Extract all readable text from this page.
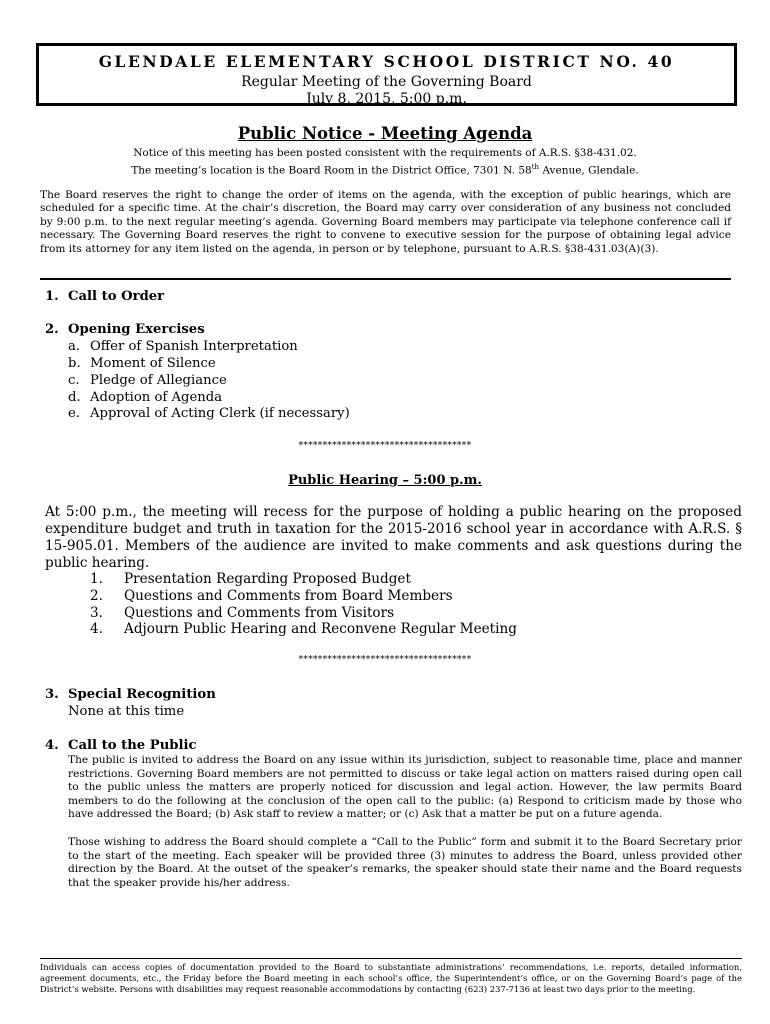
GLENDALE ELEMENTARY SCHOOL DISTRICT NO. 40
Regular Meeting of the Governing Board
July 8, 2015, 5:00 p.m.
Public Notice - Meeting Agenda
Notice of this meeting has been posted consistent with the requirements of A.R.S. §38-431.02.
The meeting’s location is the Board Room in the District Office, 7301 N. 58th Avenue, Glendale.
The Board reserves the right to change the order of items on the agenda, with the exception of public hearings, which are scheduled for a specific time. At the chair’s discretion, the Board may carry over consideration of any business not concluded by 9:00 p.m. to the next regular meeting’s agenda. Governing Board members may participate via telephone conference call if necessary. The Governing Board reserves the right to convene to executive session for the purpose of obtaining legal advice from its attorney for any item listed on the agenda, in person or by telephone, pursuant to A.R.S. §38-431.03(A)(3).
1. Call to Order
2. Opening Exercises
a. Offer of Spanish Interpretation
b. Moment of Silence
c. Pledge of Allegiance
d. Adoption of Agenda
e. Approval of Acting Clerk (if necessary)
************************************
Public Hearing – 5:00 p.m.
At 5:00 p.m., the meeting will recess for the purpose of holding a public hearing on the proposed expenditure budget and truth in taxation for the 2015-2016 school year in accordance with A.R.S. § 15-905.01. Members of the audience are invited to make comments and ask questions during the public hearing.
1. Presentation Regarding Proposed Budget
2. Questions and Comments from Board Members
3. Questions and Comments from Visitors
4. Adjourn Public Hearing and Reconvene Regular Meeting
************************************
3. Special Recognition
None at this time
4. Call to the Public
The public is invited to address the Board on any issue within its jurisdiction, subject to reasonable time, place and manner restrictions. Governing Board members are not permitted to discuss or take legal action on matters raised during open call to the public unless the matters are properly noticed for discussion and legal action. However, the law permits Board members to do the following at the conclusion of the open call to the public: (a) Respond to criticism made by those who have addressed the Board; (b) Ask staff to review a matter; or (c) Ask that a matter be put on a future agenda.
Those wishing to address the Board should complete a “Call to the Public” form and submit it to the Board Secretary prior to the start of the meeting. Each speaker will be provided three (3) minutes to address the Board, unless provided other direction by the Board. At the outset of the speaker’s remarks, the speaker should state their name and the Board requests that the speaker provide his/her address.
Individuals can access copies of documentation provided to the Board to substantiate administrations’ recommendations, i.e. reports, detailed information, agreement documents, etc., the Friday before the Board meeting in each school’s office, the Superintendent’s office, or on the Governing Board’s page of the District’s website. Persons with disabilities may request reasonable accommodations by contacting (623) 237-7136 at least two days prior to the meeting.
